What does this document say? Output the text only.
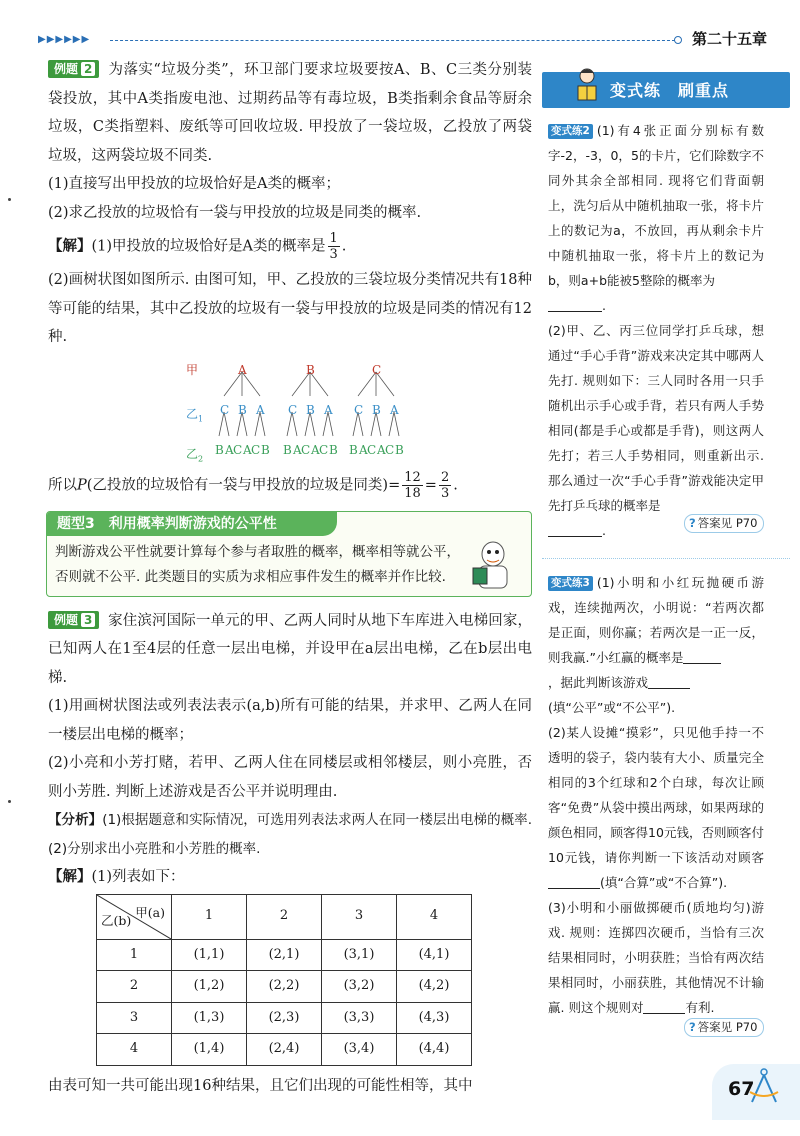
▶▶▶▶▶▶	第二十五章

例题 2 为落实“垃圾分类”，环卫部门要求垃圾要按A、B、C三类分别装袋投放，其中A类指废电池、过期药品等有毒垃圾，B类指剩余食品等厨余垃圾，C类指塑料、废纸等可回收垃圾. 甲投放了一袋垃圾，乙投放了两袋垃圾，这两袋垃圾不同类.

(1)直接写出甲投放的垃圾恰好是A类的概率；

(2)求乙投放的垃圾恰有一袋与甲投放的垃圾是同类的概率.

【解】(1)甲投放的垃圾恰好是A类的概率是 $\frac{1}{3}$ .

(2)画树状图如图所示. 由图可知，甲、乙投放的三袋垃圾分类情况共有18种等可能的结果，其中乙投放的垃圾有一袋与甲投放的垃圾是同类的情况有12种.

甲
乙$_1$
乙$_2$
A
C
B A
B
C A
A
C B
B
C
B A
B
C A
A
C B
C
C
B A
B
C A
A
C B

所以P(乙投放的垃圾恰有一袋与甲投放的垃圾是同类)= $\frac{12}{18} = \frac{2}{3}$ .

题型3　利用概率判断游戏的公平性
判断游戏公平性就要计算每个参与者取胜的概率，概率相等就公平，否则就不公平. 此类题目的实质为求相应事件发生的概率并作比较.

例题 3 家住滨河国际一单元的甲、乙两人同时从地下车库进入电梯回家，已知两人在1至4层的任意一层出电梯，并设甲在a层出电梯，乙在b层出电梯.

(1)用画树状图法或列表法表示(a,b)所有可能的结果，并求甲、乙两人在同一楼层出电梯的概率；

(2)小亮和小芳打赌，若甲、乙两人住在同楼层或相邻楼层，则小亮胜，否则小芳胜. 判断上述游戏是否公平并说明理由.

【分析】(1)根据题意和实际情况，可选用列表法求两人在同一楼层出电梯的概率. (2)分别求出小亮胜和小芳胜的概率.

【解】(1)列表如下：

甲(a)
乙(b)	1	2	3	4
1	(1,1)	(2,1)	(3,1)	(4,1)
2	(1,2)	(2,2)	(3,2)	(4,2)
3	(1,3)	(2,3)	(3,3)	(4,3)
4	(1,4)	(2,4)	(3,4)	(4,4)

由表可知一共可能出现16种结果，且它们出现的可能性相等，其中

变式练　刷重点

变式练2 (1)有4张正面分别标有数字-2，-3，0，5的卡片，它们除数字不同外其余全部相同. 现将它们背面朝上，洗匀后从中随机抽取一张，将卡片上的数记为a，不放回，再从剩余卡片中随机抽取一张，将卡片上的数记为b，则a+b能被5整除的概率为

.

(2)甲、乙、丙三位同学打乒乓球，想通过“手心手背”游戏来决定其中哪两人先打. 规则如下：三人同时各用一只手随机出示手心或手背，若只有两人手势相同(都是手心或都是手背)，则这两人先打；若三人手势相同，则重新出示. 那么通过一次“手心手背”游戏能决定甲先打乒乓球的概率是

.	? 答案见 P70

变式练3 (1)小明和小红玩抛硬币游戏，连续抛两次，小明说：“若两次都是正面，则你赢；若两次是一正一反，则我赢.”小红赢的概率是

，据此判断该游戏

(填“公平”或“不公平”).

(2)某人设摊“摸彩”，只见他手持一不透明的袋子，袋内装有大小、质量完全相同的3个红球和2个白球，每次让顾客“免费”从袋中摸出两球，如果两球的颜色相同，顾客得10元钱，否则顾客付10元钱，请你判断一下该活动对顾客(填“合算”或“不合算”).

(3)小明和小丽做掷硬币(质地均匀)游戏. 规则：连掷四次硬币，当恰有三次结果相同时，小明获胜；当恰有两次结果相同时，小丽获胜，其他情况不计输赢. 则这个规则对	有利.

? 答案见 P70
67
